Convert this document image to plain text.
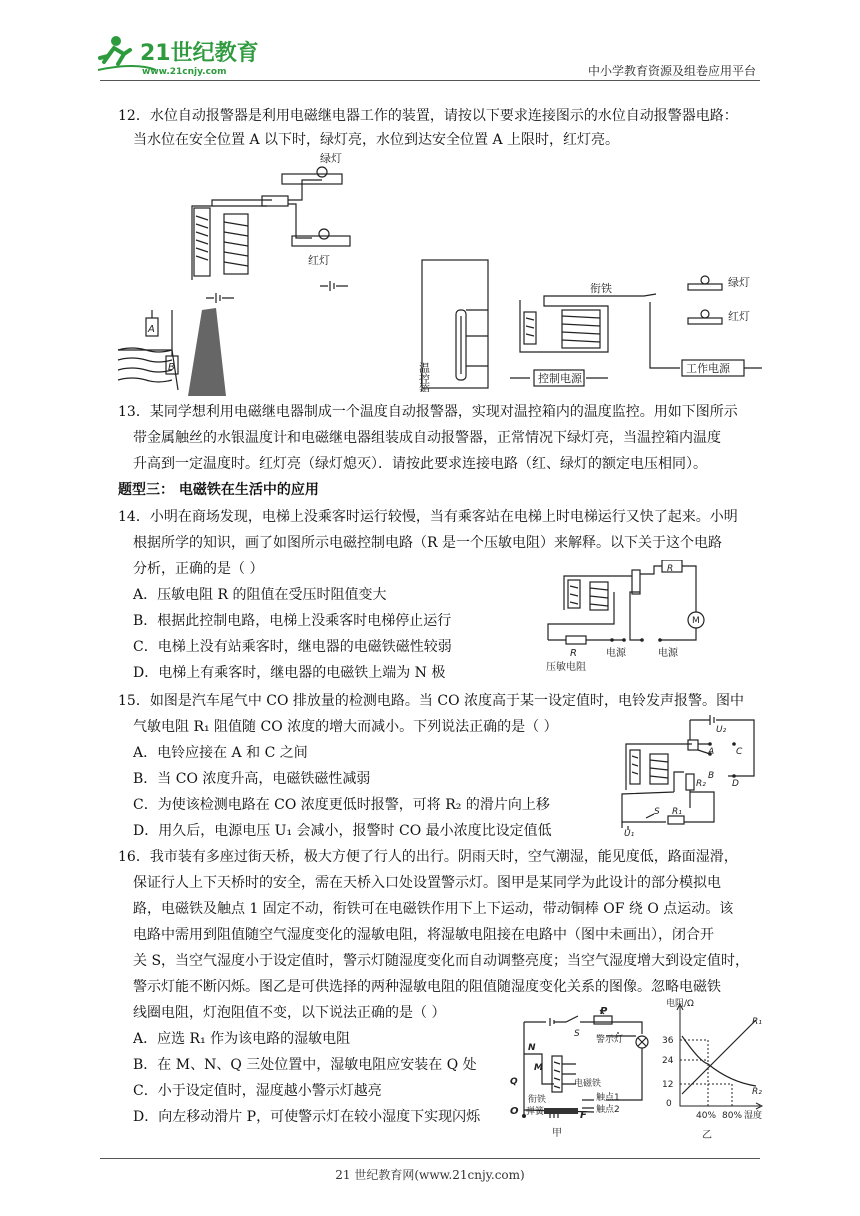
21世纪教育
www.21cnjy.com	中小学教育资源及组卷应用平台
12．水位自动报警器是利用电磁继电器工作的装置，请按以下要求连接图示的水位自动报警器电路：
当水位在安全位置 A 以下时，绿灯亮，水位到达安全位置 A 上限时，红灯亮。
绿灯
红灯
A
B	温控箱
衔铁
控制电源
工作电源
绿灯
红灯
13．某同学想利用电磁继电器制成一个温度自动报警器，实现对温控箱内的温度监控。用如下图所示
带金属触丝的水银温度计和电磁继电器组装成自动报警器，正常情况下绿灯亮，当温控箱内温度
升高到一定温度时。红灯亮（绿灯熄灭）．请按此要求连接电路（红、绿灯的额定电压相同）。
题型三： 电磁铁在生活中的应用
14．小明在商场发现，电梯上没乘客时运行较慢，当有乘客站在电梯上时电梯运行又快了起来。小明
根据所学的知识，画了如图所示电磁控制电路（R 是一个压敏电阻）来解释。以下关于这个电路
分析，正确的是（ ）
A．压敏电阻 R 的阻值在受压时阻值变大
B．根据此控制电路，电梯上没乘客时电梯停止运行
C．电梯上没有站乘客时，继电器的电磁铁磁性较弱
D．电梯上有乘客时，继电器的电磁铁上端为 N 极
R
M
R	电源	电源
压敏电阻
15．如图是汽车尾气中 CO 排放量的检测电路。当 CO 浓度高于某一设定值时，电铃发声报警。图中
气敏电阻 R₁ 阻值随 CO 浓度的增大而减小。下列说法正确的是（ ）
A．电铃应接在 A 和 C 之间
B．当 CO 浓度升高，电磁铁磁性减弱
C．为使该检测电路在 CO 浓度更低时报警，可将 R₂ 的滑片向上移
D．用久后，电源电压 U₁ 会减小，报警时 CO 最小浓度比设定值低
U₂
A C
B
D
R₂
S R₁
U₁
16．我市装有多座过街天桥，极大方便了行人的出行。阴雨天时，空气潮湿，能见度低，路面湿滑，
保证行人上下天桥时的安全，需在天桥入口处设置警示灯。图甲是某同学为此设计的部分模拟电
路，电磁铁及触点 1 固定不动，衔铁可在电磁铁作用下上下运动，带动铜棒 OF 绕 O 点运动。该
电路中需用到阻值随空气湿度变化的湿敏电阻，将湿敏电阻接在电路中（图中未画出），闭合开
关 S，当空气湿度小于设定值时，警示灯随湿度变化而自动调整亮度；当空气湿度增大到设定值时，
警示灯能不断闪烁。图乙是可供选择的两种湿敏电阻的阻值随湿度变化关系的图像。忽略电磁铁
线圈电阻，灯泡阻值不变，以下说法正确的是（ ）
A．应选 R₁ 作为该电路的湿敏电阻
B．在 M、N、Q 三处位置中，湿敏电阻应安装在 Q 处
C．小于设定值时，湿度越小警示灯越亮
D．向左移动滑片 P，可使警示灯在较小湿度下实现闪烁
S
P
警示灯
N
M
Q	电磁铁
触点1
触点2
衔铁
弹簧
O	F
甲
电阻/Ω
R₁
R₂
36
24
12
0
40% 80% 湿度
乙
21 世纪教育网(www.21cnjy.com)
